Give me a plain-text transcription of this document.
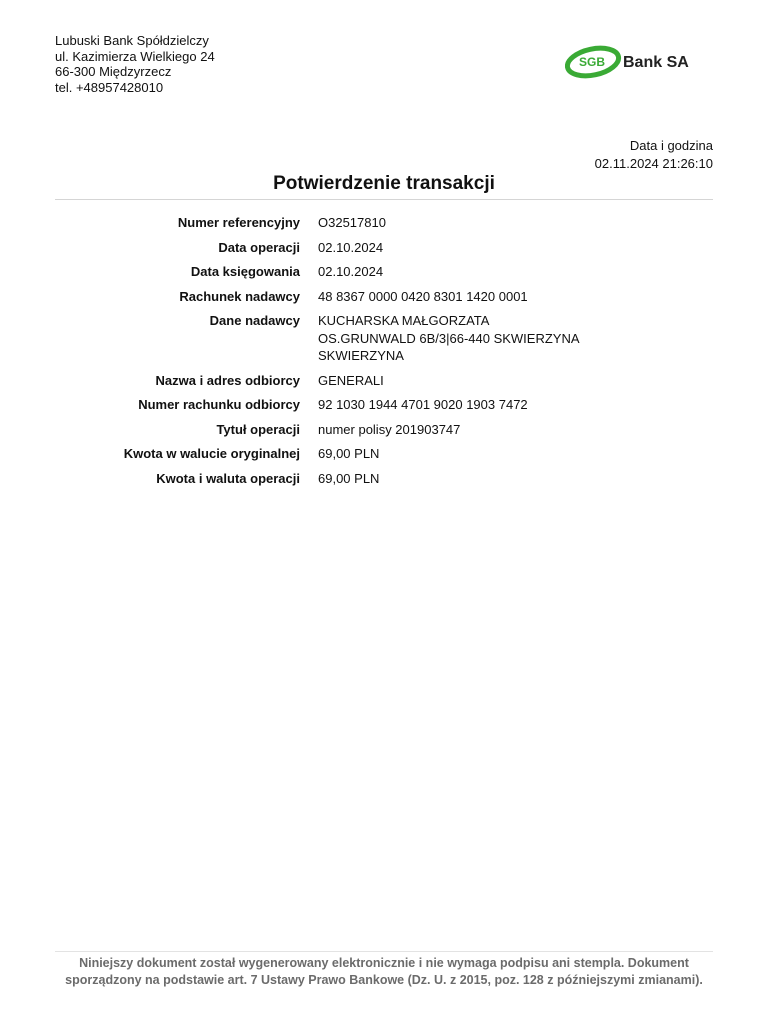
Lubuski Bank Spółdzielczy
ul. Kazimierza Wielkiego 24
66-300 Międzyrzecz
tel. +48957428010
SGB Bank SA
Data i godzina
02.11.2024 21:26:10
Potwierdzenie transakcji
Numer referencyjny O32517810
Data operacji 02.10.2024
Data księgowania 02.10.2024
Rachunek nadawcy 48 8367 0000 0420 8301 1420 0001
Dane nadawcy KUCHARSKA MAŁGORZATA
OS.GRUNWALD 6B/3|66-440 SKWIERZYNA
SKWIERZYNA
Nazwa i adres odbiorcy GENERALI
Numer rachunku odbiorcy 92 1030 1944 4701 9020 1903 7472
Tytuł operacji numer polisy 201903747
Kwota w walucie oryginalnej 69,00 PLN
Kwota i waluta operacji 69,00 PLN
Niniejszy dokument został wygenerowany elektronicznie i nie wymaga podpisu ani stempla. Dokument
sporządzony na podstawie art. 7 Ustawy Prawo Bankowe (Dz. U. z 2015, poz. 128 z późniejszymi zmianami).
